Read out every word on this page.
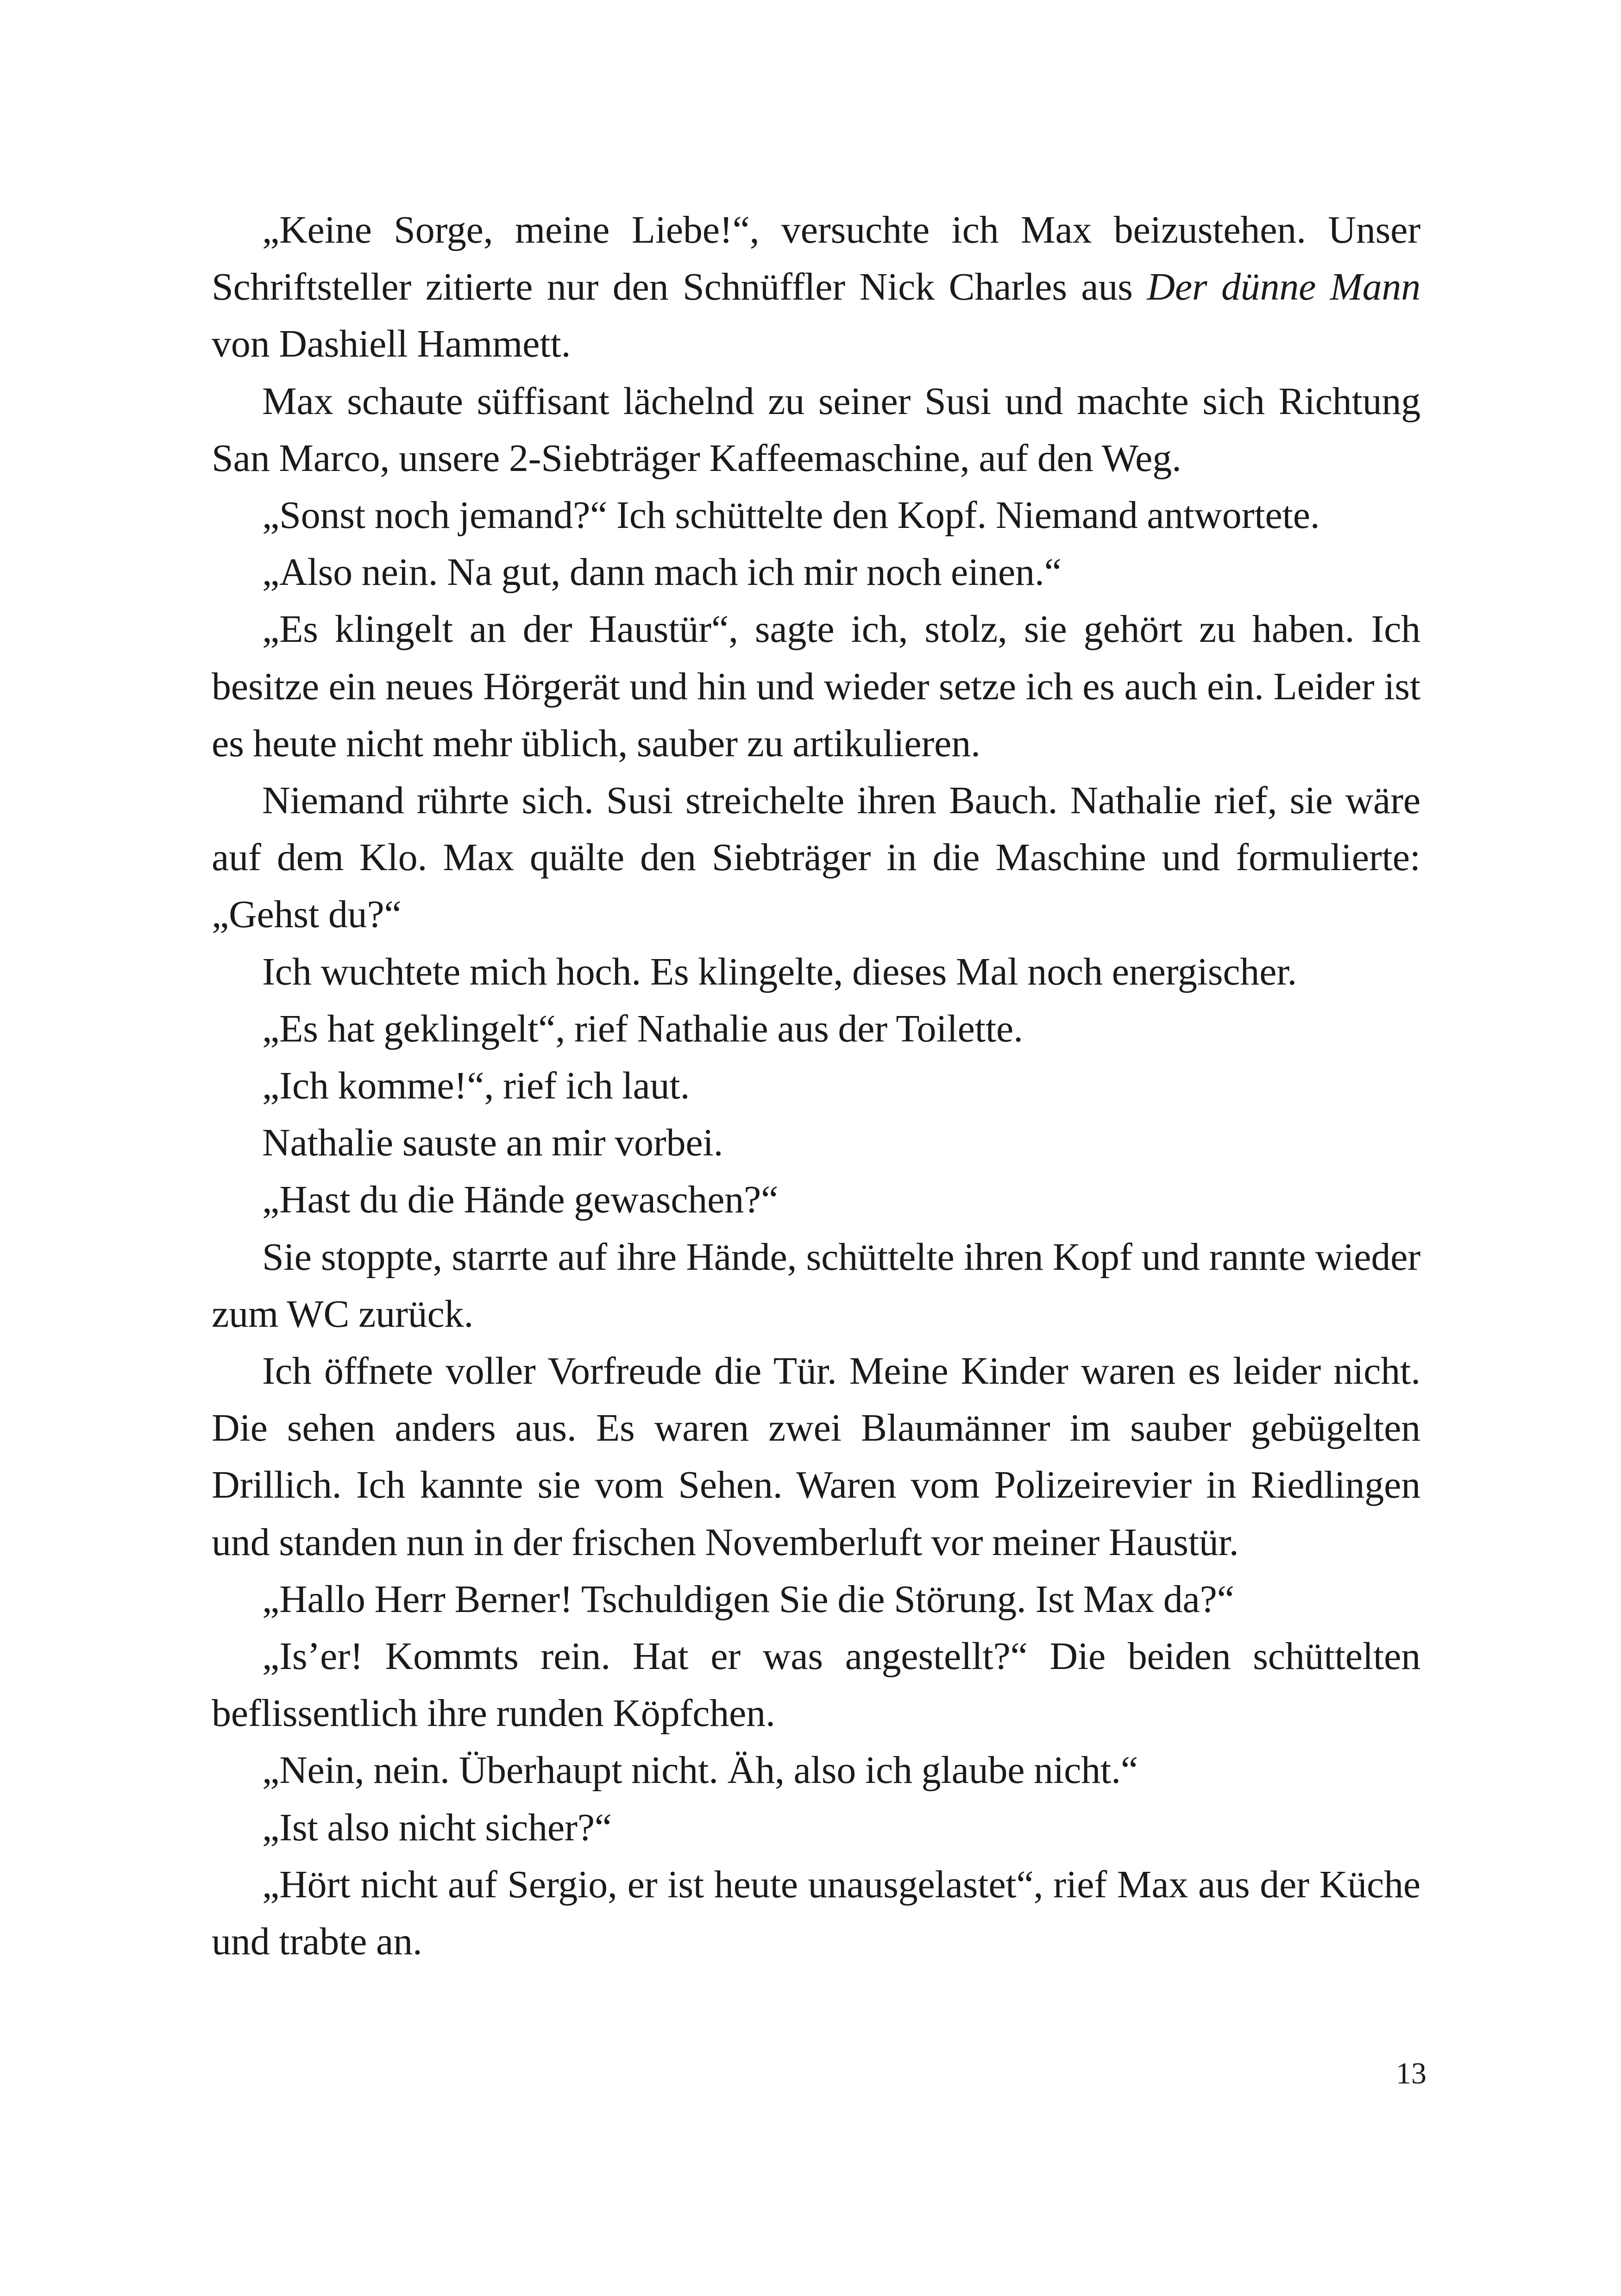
„Keine Sorge, meine Liebe!“, versuchte ich Max beizustehen. Unser Schriftsteller zitierte nur den Schnüffler Nick Charles aus Der dünne Mann von Dashiell Hammett.

Max schaute süffisant lächelnd zu seiner Susi und machte sich Richtung San Marco, unsere 2-Siebträger Kaffeemaschine, auf den Weg.

„Sonst noch jemand?“ Ich schüttelte den Kopf. Niemand antwortete.

„Also nein. Na gut, dann mach ich mir noch einen.“

„Es klingelt an der Haustür“, sagte ich, stolz, sie gehört zu haben. Ich besitze ein neues Hörgerät und hin und wieder setze ich es auch ein. Leider ist es heute nicht mehr üblich, sauber zu artikulieren.

Niemand rührte sich. Susi streichelte ihren Bauch. Nathalie rief, sie wäre auf dem Klo. Max quälte den Siebträger in die Maschine und formulierte: „Gehst du?“

Ich wuchtete mich hoch. Es klingelte, dieses Mal noch energischer.

„Es hat geklingelt“, rief Nathalie aus der Toilette.

„Ich komme!“, rief ich laut.

Nathalie sauste an mir vorbei.

„Hast du die Hände gewaschen?“

Sie stoppte, starrte auf ihre Hände, schüttelte ihren Kopf und rannte wieder zum WC zurück.

Ich öffnete voller Vorfreude die Tür. Meine Kinder waren es leider nicht. Die sehen anders aus. Es waren zwei Blaumänner im sauber gebügelten Drillich. Ich kannte sie vom Sehen. Waren vom Polizeirevier in Riedlingen und standen nun in der frischen Novemberluft vor meiner Haustür.

„Hallo Herr Berner! Tschuldigen Sie die Störung. Ist Max da?“

„Is’er! Kommts rein. Hat er was angestellt?“ Die beiden schüttelten beflissentlich ihre runden Köpfchen.

„Nein, nein. Überhaupt nicht. Äh, also ich glaube nicht.“

„Ist also nicht sicher?“

„Hört nicht auf Sergio, er ist heute unausgelastet“, rief Max aus der Küche und trabte an.

13
